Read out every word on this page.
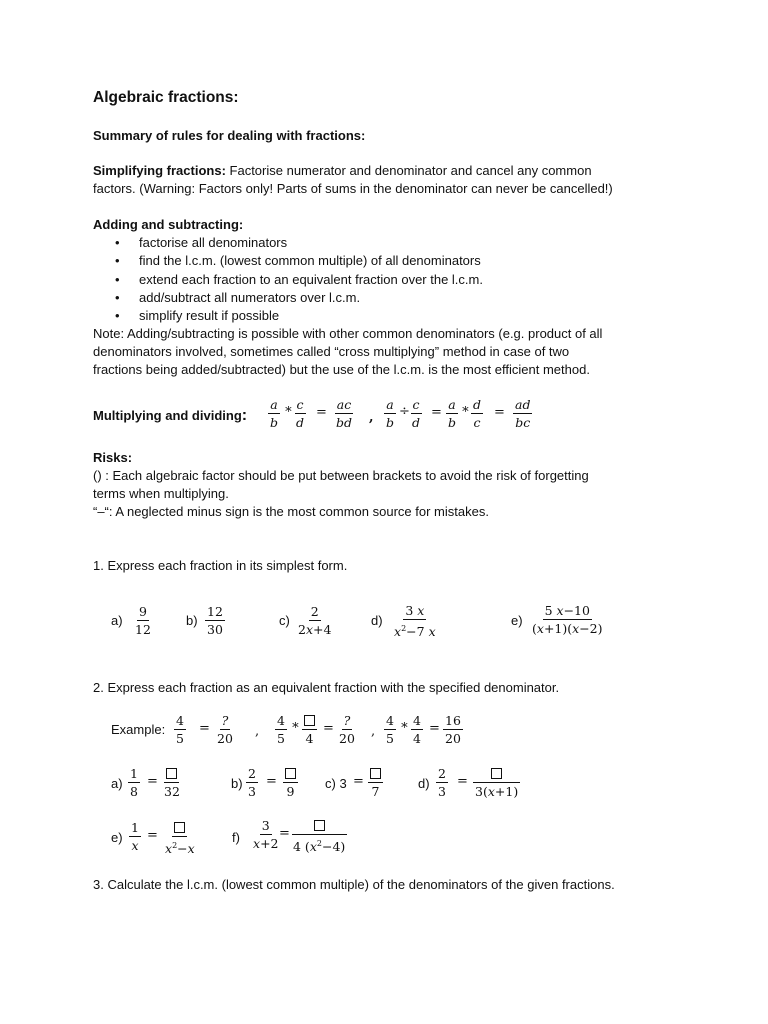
Algebraic fractions:
Summary of rules for dealing with fractions:
Simplifying fractions: Factorise numerator and denominator and cancel any common
factors. (Warning: Factors only! Parts of sums in the denominator can never be cancelled!)
Adding and subtracting:
• factorise all denominators
• find the l.c.m. (lowest common multiple) of all denominators
• extend each fraction to an equivalent fraction over the l.c.m.
• add/subtract all numerators over l.c.m.
• simplify result if possible
Note: Adding/subtracting is possible with other common denominators (e.g. product of all
denominators involved, sometimes called “cross multiplying” method in case of two
fractions being added/subtracted) but the use of the l.c.m. is the most efficient method.
Multiplying and dividing: $\frac{a}{b}$ ∗ $\frac{c}{d} = \frac{ac}{bd}$ , $\frac{a}{b} \div \frac{c}{d} = \frac{a}{b}$ ∗ $\frac{d}{c} = \frac{ad}{bc}$
Risks:
() : Each algebraic factor should be put between brackets to avoid the risk of forgetting
terms when multiplying.
“–“: A neglected minus sign is the most common source for mistakes.
1. Express each fraction in its simplest form.
$a) \frac{9}{12}$	$b) \frac{12}{30}$	$c) \frac{2}{2x+4}$	$d) \frac{3 x}{x^2-7 x}$	$e) \frac{5 x-10}{(x+1)(x-2)}$
2. Express each fraction as an equivalent fraction with the specified denominator.
Example: $\frac{4}{5}$ =
?
20 , $\frac{4}{5}$ ∗
4
=
?
20 , $\frac{4}{5}$ ∗ $\frac{4}{4} = \frac{16}{20}$
$a) \frac{1}{8}$ =
32
$b) \frac{2}{3}$ =
9
c) 3 =
7
$d) \frac{2}{3}$ =
3(x+1)
$e) \frac{1}{x}$ =
$x^2-x$
$f) \frac{3}{x+2}$
=
4 $(x^2-4)$
3. Calculate the l.c.m. (lowest common multiple) of the denominators of the given fractions.
